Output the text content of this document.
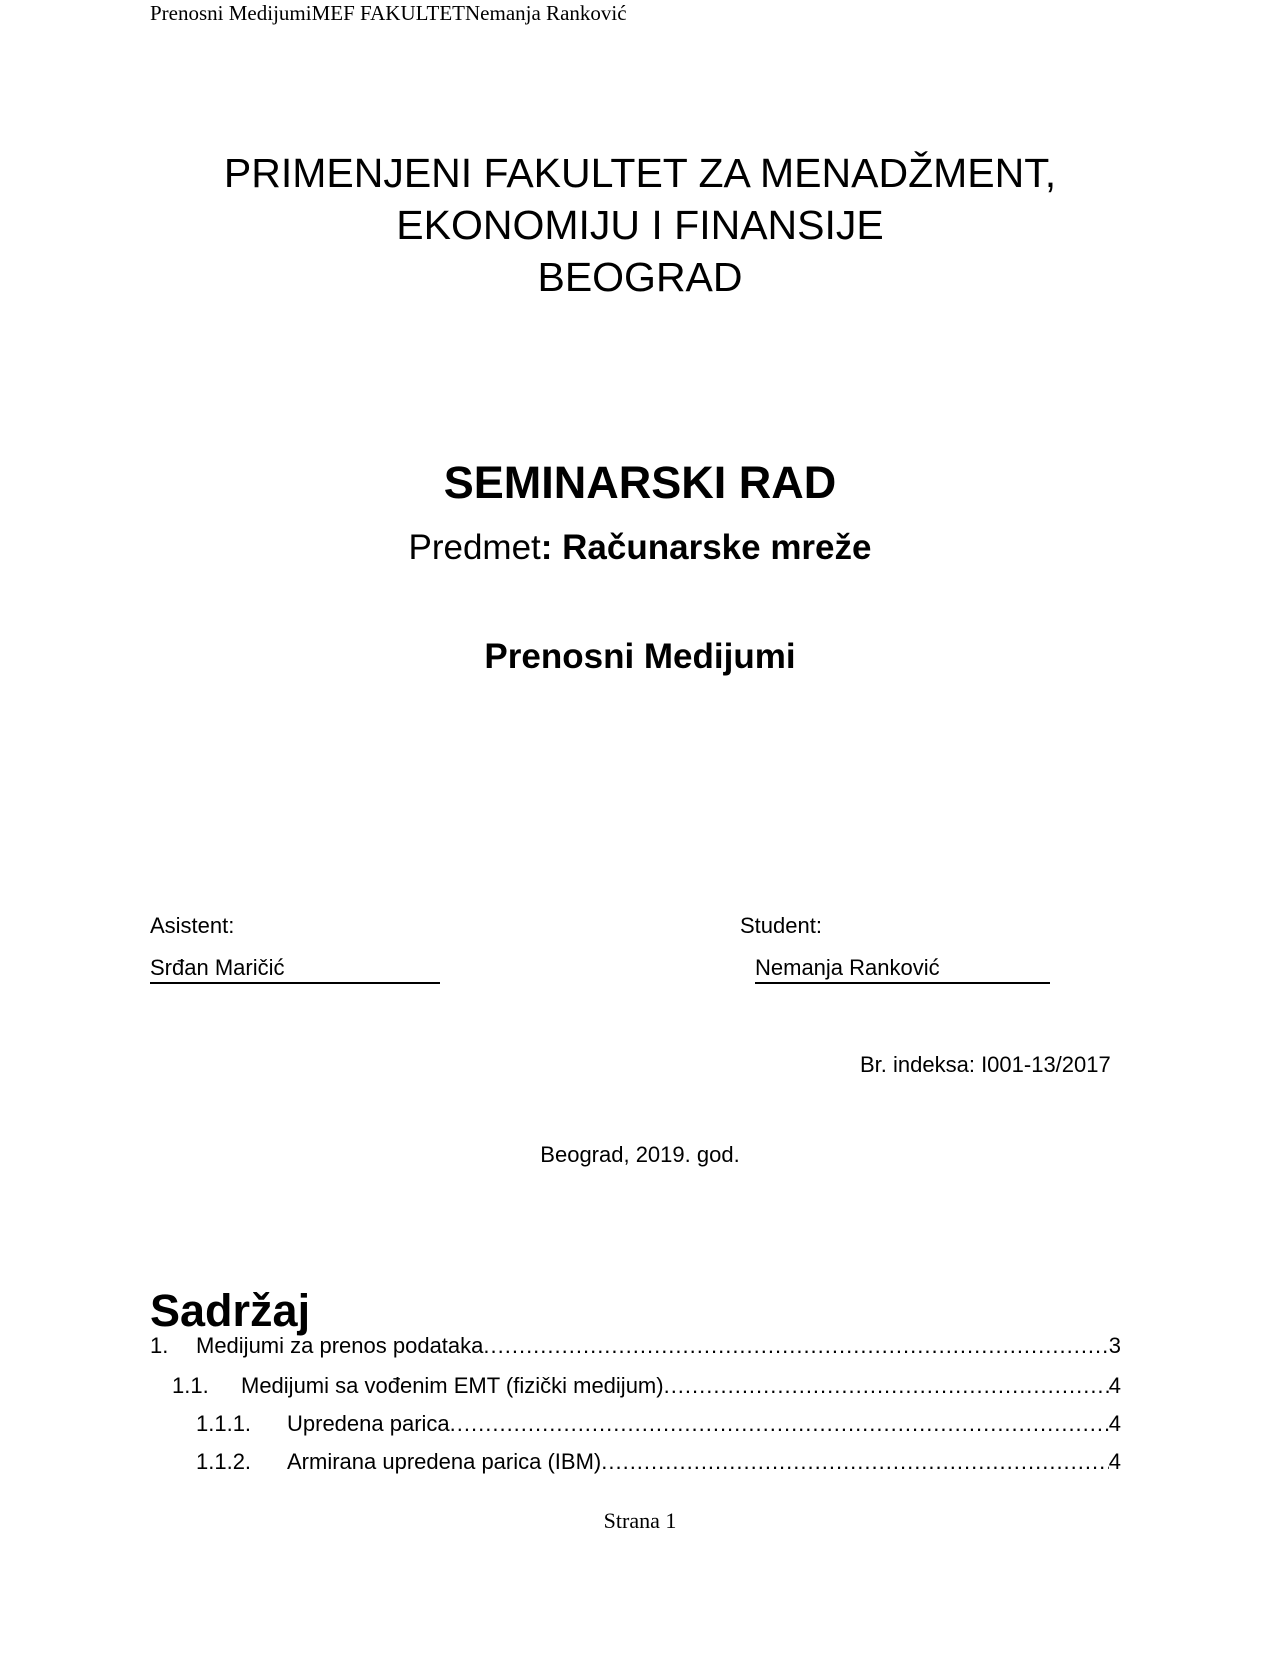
Prenosni MedijumiMEF FAKULTETNemanja Ranković
PRIMENJENI FAKULTET ZA MENADŽMENT,
EKONOMIJU I FINANSIJE
BEOGRAD
SEMINARSKI RAD
Predmet: Računarske mreže
Prenosni Medijumi
Asistent:
Srđan Maričić
Student:
Nemanja Ranković
Br. indeksa: I001-13/2017
Beograd, 2019. god.
Sadržaj
1.	Medijumi za prenos podataka .....	3
1.1.	Medijumi sa vođenim EMT (fizički medijum) .....	4
1.1.1.	Upredena parica .....	4
1.1.2.	Armirana upredena parica (IBM) .....	4
Strana 1
